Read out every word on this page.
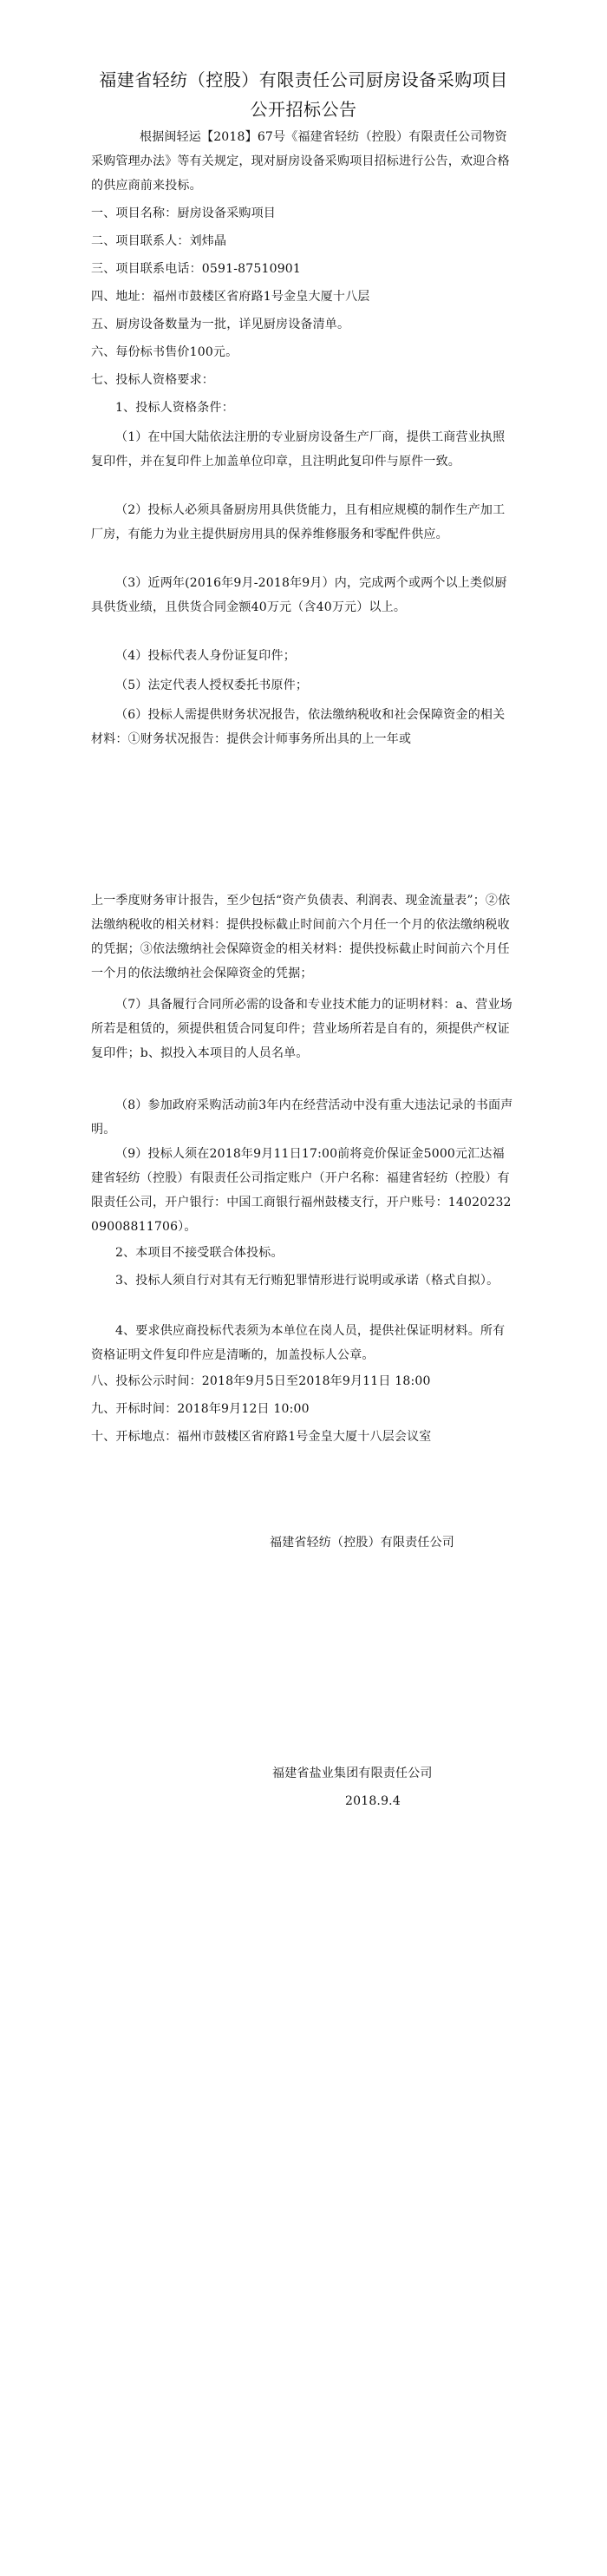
福建省轻纺（控股）有限责任公司厨房设备采购项目
公开招标公告
根据闽轻运【2018】67号《福建省轻纺（控股）有限责任公司物资采购管理办法》等有关规定，现对厨房设备采购项目招标进行公告，欢迎合格的供应商前来投标。
一、项目名称：厨房设备采购项目
二、项目联系人：刘炜晶
三、项目联系电话：0591-87510901
四、地址：福州市鼓楼区省府路1号金皇大厦十八层
五、厨房设备数量为一批，详见厨房设备清单。
六、每份标书售价100元。
七、投标人资格要求：
1、投标人资格条件：
（1）在中国大陆依法注册的专业厨房设备生产厂商，提供工商营业执照复印件，并在复印件上加盖单位印章，且注明此复印件与原件一致。
（2）投标人必须具备厨房用具供货能力，且有相应规模的制作生产加工厂房，有能力为业主提供厨房用具的保养维修服务和零配件供应。
（3）近两年(2016年9月-2018年9月）内，完成两个或两个以上类似厨具供货业绩，且供货合同金额40万元（含40万元）以上。
（4）投标代表人身份证复印件；
（5）法定代表人授权委托书原件；
（6）投标人需提供财务状况报告，依法缴纳税收和社会保障资金的相关材料：①财务状况报告：提供会计师事务所出具的上一年或
上一季度财务审计报告，至少包括“资产负债表、利润表、现金流量表”；②依法缴纳税收的相关材料：提供投标截止时间前六个月任一个月的依法缴纳税收的凭据；③依法缴纳社会保障资金的相关材料：提供投标截止时间前六个月任一个月的依法缴纳社会保障资金的凭据；
（7）具备履行合同所必需的设备和专业技术能力的证明材料：a、营业场所若是租赁的，须提供租赁合同复印件；营业场所若是自有的，须提供产权证复印件；b、拟投入本项目的人员名单。
（8）参加政府采购活动前3年内在经营活动中没有重大违法记录的书面声明。
（9）投标人须在2018年9月11日17:00前将竞价保证金5000元汇达福建省轻纺（控股）有限责任公司指定账户（开户名称：福建省轻纺（控股）有限责任公司，开户银行：中国工商银行福州鼓楼支行，开户账号：1402023209008811706）。
2、本项目不接受联合体投标。
3、投标人须自行对其有无行贿犯罪情形进行说明或承诺（格式自拟）。
4、要求供应商投标代表须为本单位在岗人员，提供社保证明材料。所有资格证明文件复印件应是清晰的，加盖投标人公章。
八、投标公示时间：2018年9月5日至2018年9月11日 18:00
九、开标时间：2018年9月12日 10:00
十、开标地点：福州市鼓楼区省府路1号金皇大厦十八层会议室
福建省轻纺（控股）有限责任公司
福建省盐业集团有限责任公司
2018.9.4
